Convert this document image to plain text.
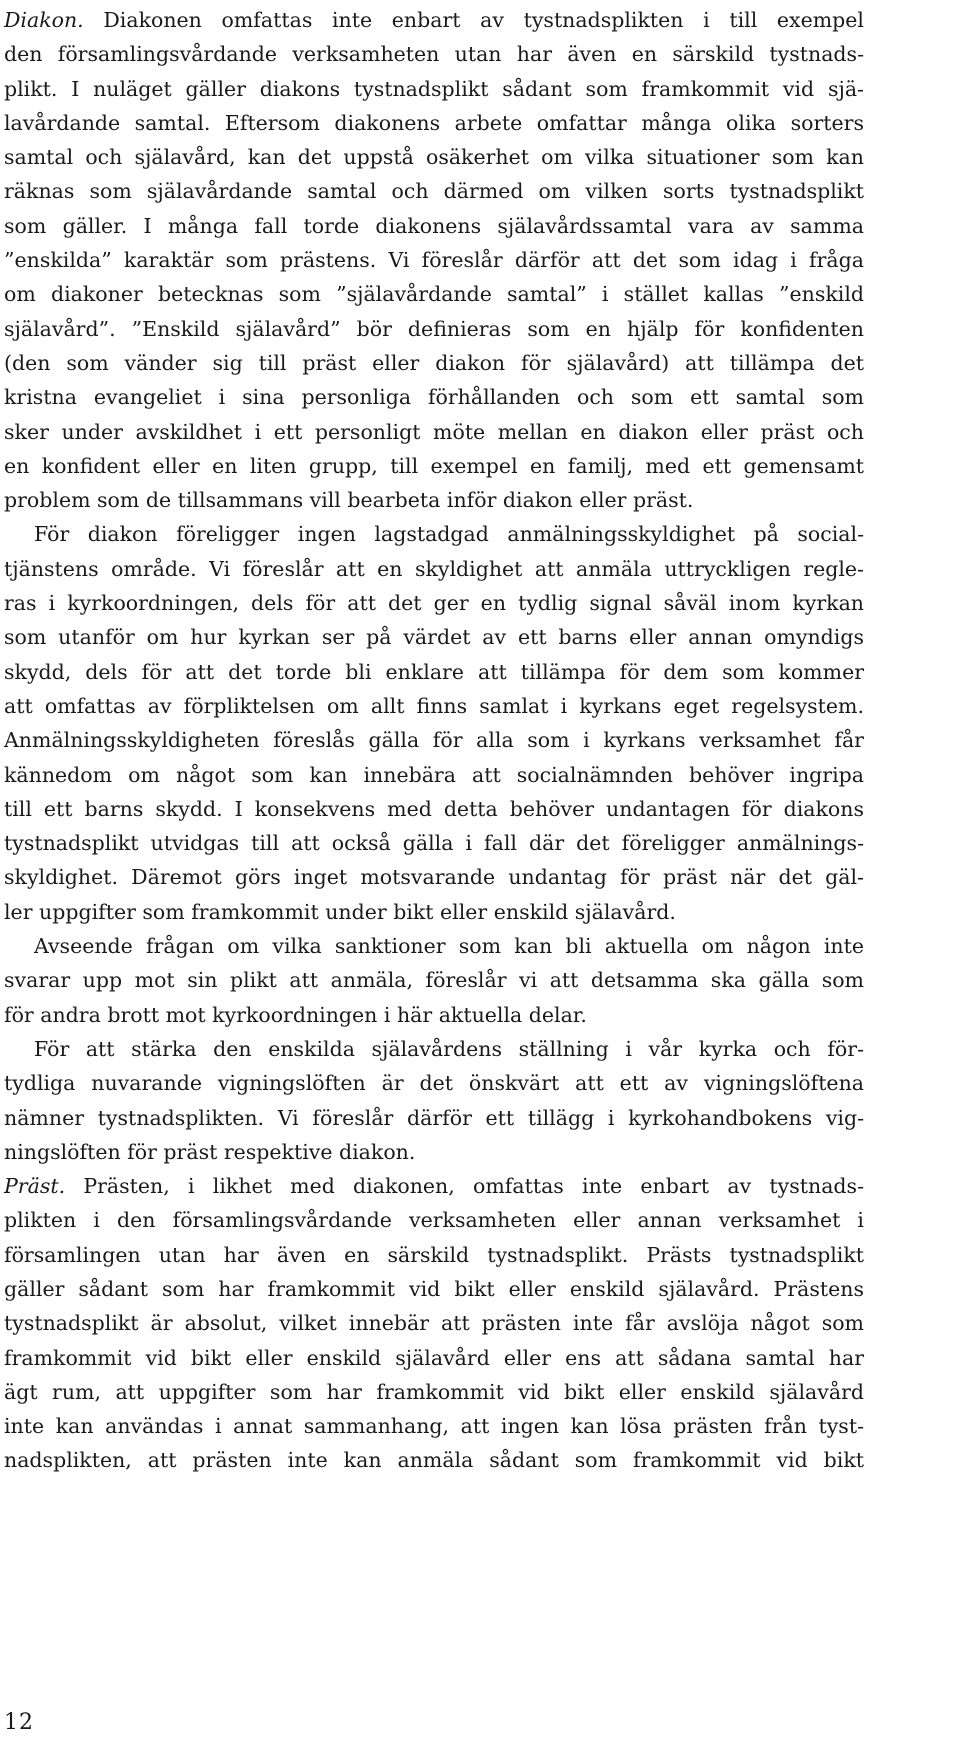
Diakon. Diakonen omfattas inte enbart av tystnadsplikten i till exempel
den församlingsvårdande verksamheten utan har även en särskild tystnads-
plikt. I nuläget gäller diakons tystnadsplikt sådant som framkommit vid sjä-
lavårdande samtal. Eftersom diakonens arbete omfattar många olika sorters
samtal och själavård, kan det uppstå osäkerhet om vilka situationer som kan
räknas som själavårdande samtal och därmed om vilken sorts tystnadsplikt
som gäller. I många fall torde diakonens själavårdssamtal vara av samma
”enskilda” karaktär som prästens. Vi föreslår därför att det som idag i fråga
om diakoner betecknas som ”själavårdande samtal” i stället kallas ”enskild
själavård”. ”Enskild själavård” bör definieras som en hjälp för konfidenten
(den som vänder sig till präst eller diakon för själavård) att tillämpa det
kristna evangeliet i sina personliga förhållanden och som ett samtal som
sker under avskildhet i ett personligt möte mellan en diakon eller präst och
en konfident eller en liten grupp, till exempel en familj, med ett gemensamt
problem som de tillsammans vill bearbeta inför diakon eller präst.
För diakon föreligger ingen lagstadgad anmälningsskyldighet på social-
tjänstens område. Vi föreslår att en skyldighet att anmäla uttryckligen regle-
ras i kyrkoordningen, dels för att det ger en tydlig signal såväl inom kyrkan
som utanför om hur kyrkan ser på värdet av ett barns eller annan omyndigs
skydd, dels för att det torde bli enklare att tillämpa för dem som kommer
att omfattas av förpliktelsen om allt finns samlat i kyrkans eget regelsystem.
Anmälningsskyldigheten föreslås gälla för alla som i kyrkans verksamhet får
kännedom om något som kan innebära att socialnämnden behöver ingripa
till ett barns skydd. I konsekvens med detta behöver undantagen för diakons
tystnadsplikt utvidgas till att också gälla i fall där det föreligger anmälnings-
skyldighet. Däremot görs inget motsvarande undantag för präst när det gäl-
ler uppgifter som framkommit under bikt eller enskild själavård.
Avseende frågan om vilka sanktioner som kan bli aktuella om någon inte
svarar upp mot sin plikt att anmäla, föreslår vi att detsamma ska gälla som
för andra brott mot kyrkoordningen i här aktuella delar.
För att stärka den enskilda själavårdens ställning i vår kyrka och för-
tydliga nuvarande vigningslöften är det önskvärt att ett av vigningslöftena
nämner tystnadsplikten. Vi föreslår därför ett tillägg i kyrkohandbokens vig-
ningslöften för präst respektive diakon.
Präst. Prästen, i likhet med diakonen, omfattas inte enbart av tystnads-
plikten i den församlingsvårdande verksamheten eller annan verksamhet i
församlingen utan har även en särskild tystnadsplikt. Prästs tystnadsplikt
gäller sådant som har framkommit vid bikt eller enskild själavård. Prästens
tystnadsplikt är absolut, vilket innebär att prästen inte får avslöja något som
framkommit vid bikt eller enskild själavård eller ens att sådana samtal har
ägt rum, att uppgifter som har framkommit vid bikt eller enskild själavård
inte kan användas i annat sammanhang, att ingen kan lösa prästen från tyst-
nadsplikten, att prästen inte kan anmäla sådant som framkommit vid bikt
12
